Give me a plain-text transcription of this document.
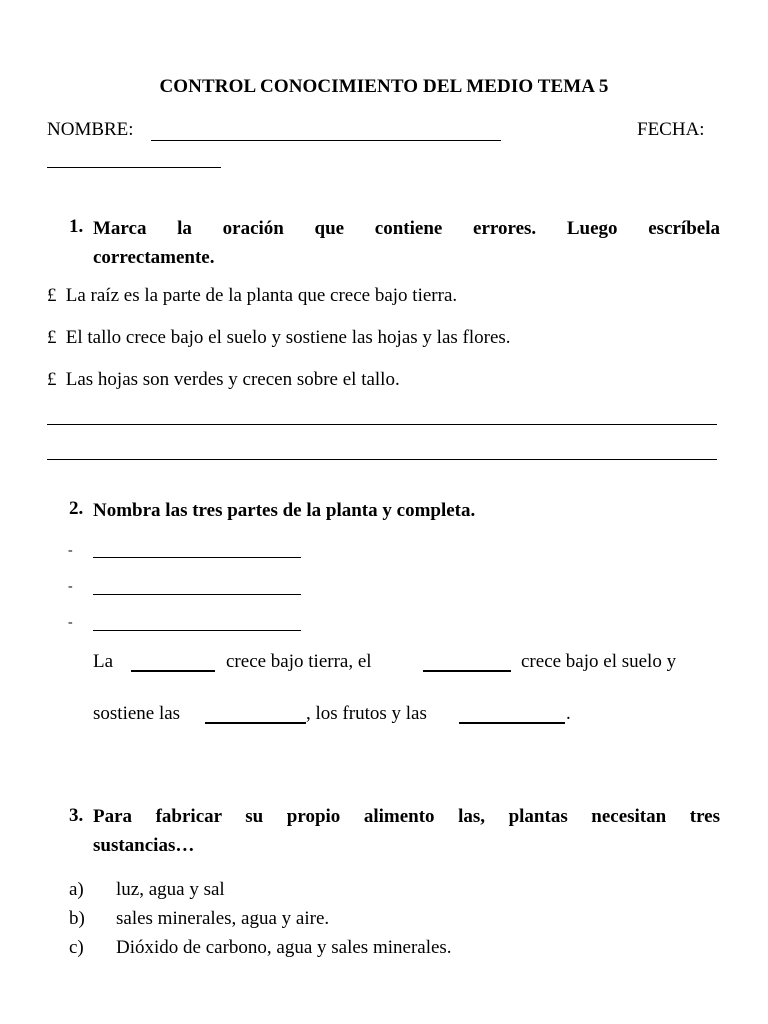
CONTROL CONOCIMIENTO DEL MEDIO TEMA 5
NOMBRE:	FECHA:
1. Marca la oración que contiene errores. Luego escríbela
correctamente.
£ La raíz es la parte de la planta que crece bajo tierra.
£ El tallo crece bajo el suelo y sostiene las hojas y las flores.
£ Las hojas son verdes y crecen sobre el tallo.
2. Nombra las tres partes de la planta y completa.
-
-
-
La	crece bajo tierra, el	crece bajo el suelo y
sostiene las	, los frutos y las	.
3. Para fabricar su propio alimento las, plantas necesitan tres
sustancias…
a) luz, agua y sal
b) sales minerales, agua y aire.
c) Dióxido de carbono, agua y sales minerales.
